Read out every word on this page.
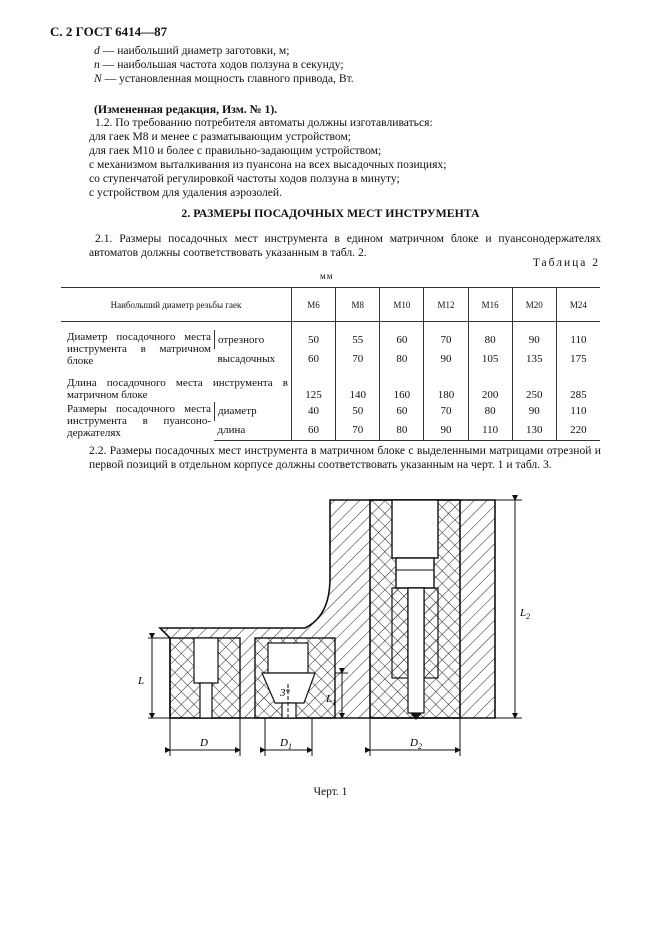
С. 2 ГОСТ 6414—87
d — наибольший диаметр заготовки, м;
n — наибольшая частота ходов ползуна в секунду;
N — установленная мощность главного привода, Вт.
(Измененная редакция, Изм. № 1).
1.2. По требованию потребителя автоматы должны изготавливаться:
для гаек М8 и менее с разматывающим устройством;
для гаек М10 и более с правильно-задающим устройством;
с механизмом выталкивания из пуансона на всех высадочных позициях;
со ступенчатой регулировкой частоты ходов ползуна в минуту;
с устройством для удаления аэрозолей.
2. РАЗМЕРЫ ПОСАДОЧНЫХ МЕСТ ИНСТРУМЕНТА
2.1. Размеры посадочных мест инструмента в едином матричном блоке и пуансонодержателях автоматов должны соответствовать указанным в табл. 2.
Таблица 2
мм
Наибольший диаметр резьбы гаек		М6	М8	М10	М12	М16	М20	М24

Диаметр посадочного места инструмента в матричном блоке	отрезного	50	55	60	70	80	90	110
	высадочных	60	70	80	90	105	135	175

Длина посадочного места инструмента в матричном блоке		125	140	160	180	200	250	285
Размеры посадочного места инструмента в пуансоно-держателях	диаметр	40	50	60	70	80	90	110
	длина	60	70	80	90	110	130	220
2.2. Размеры посадочных мест инструмента в матричном блоке с выделенными матрицами отрезной и первой позиций в отдельном корпусе должны соответствовать указанным на черт. 1 и табл. 3.
L
$L_1$
$L_2$
D	$D_1$	$D_2$
3°
Черт. 1
